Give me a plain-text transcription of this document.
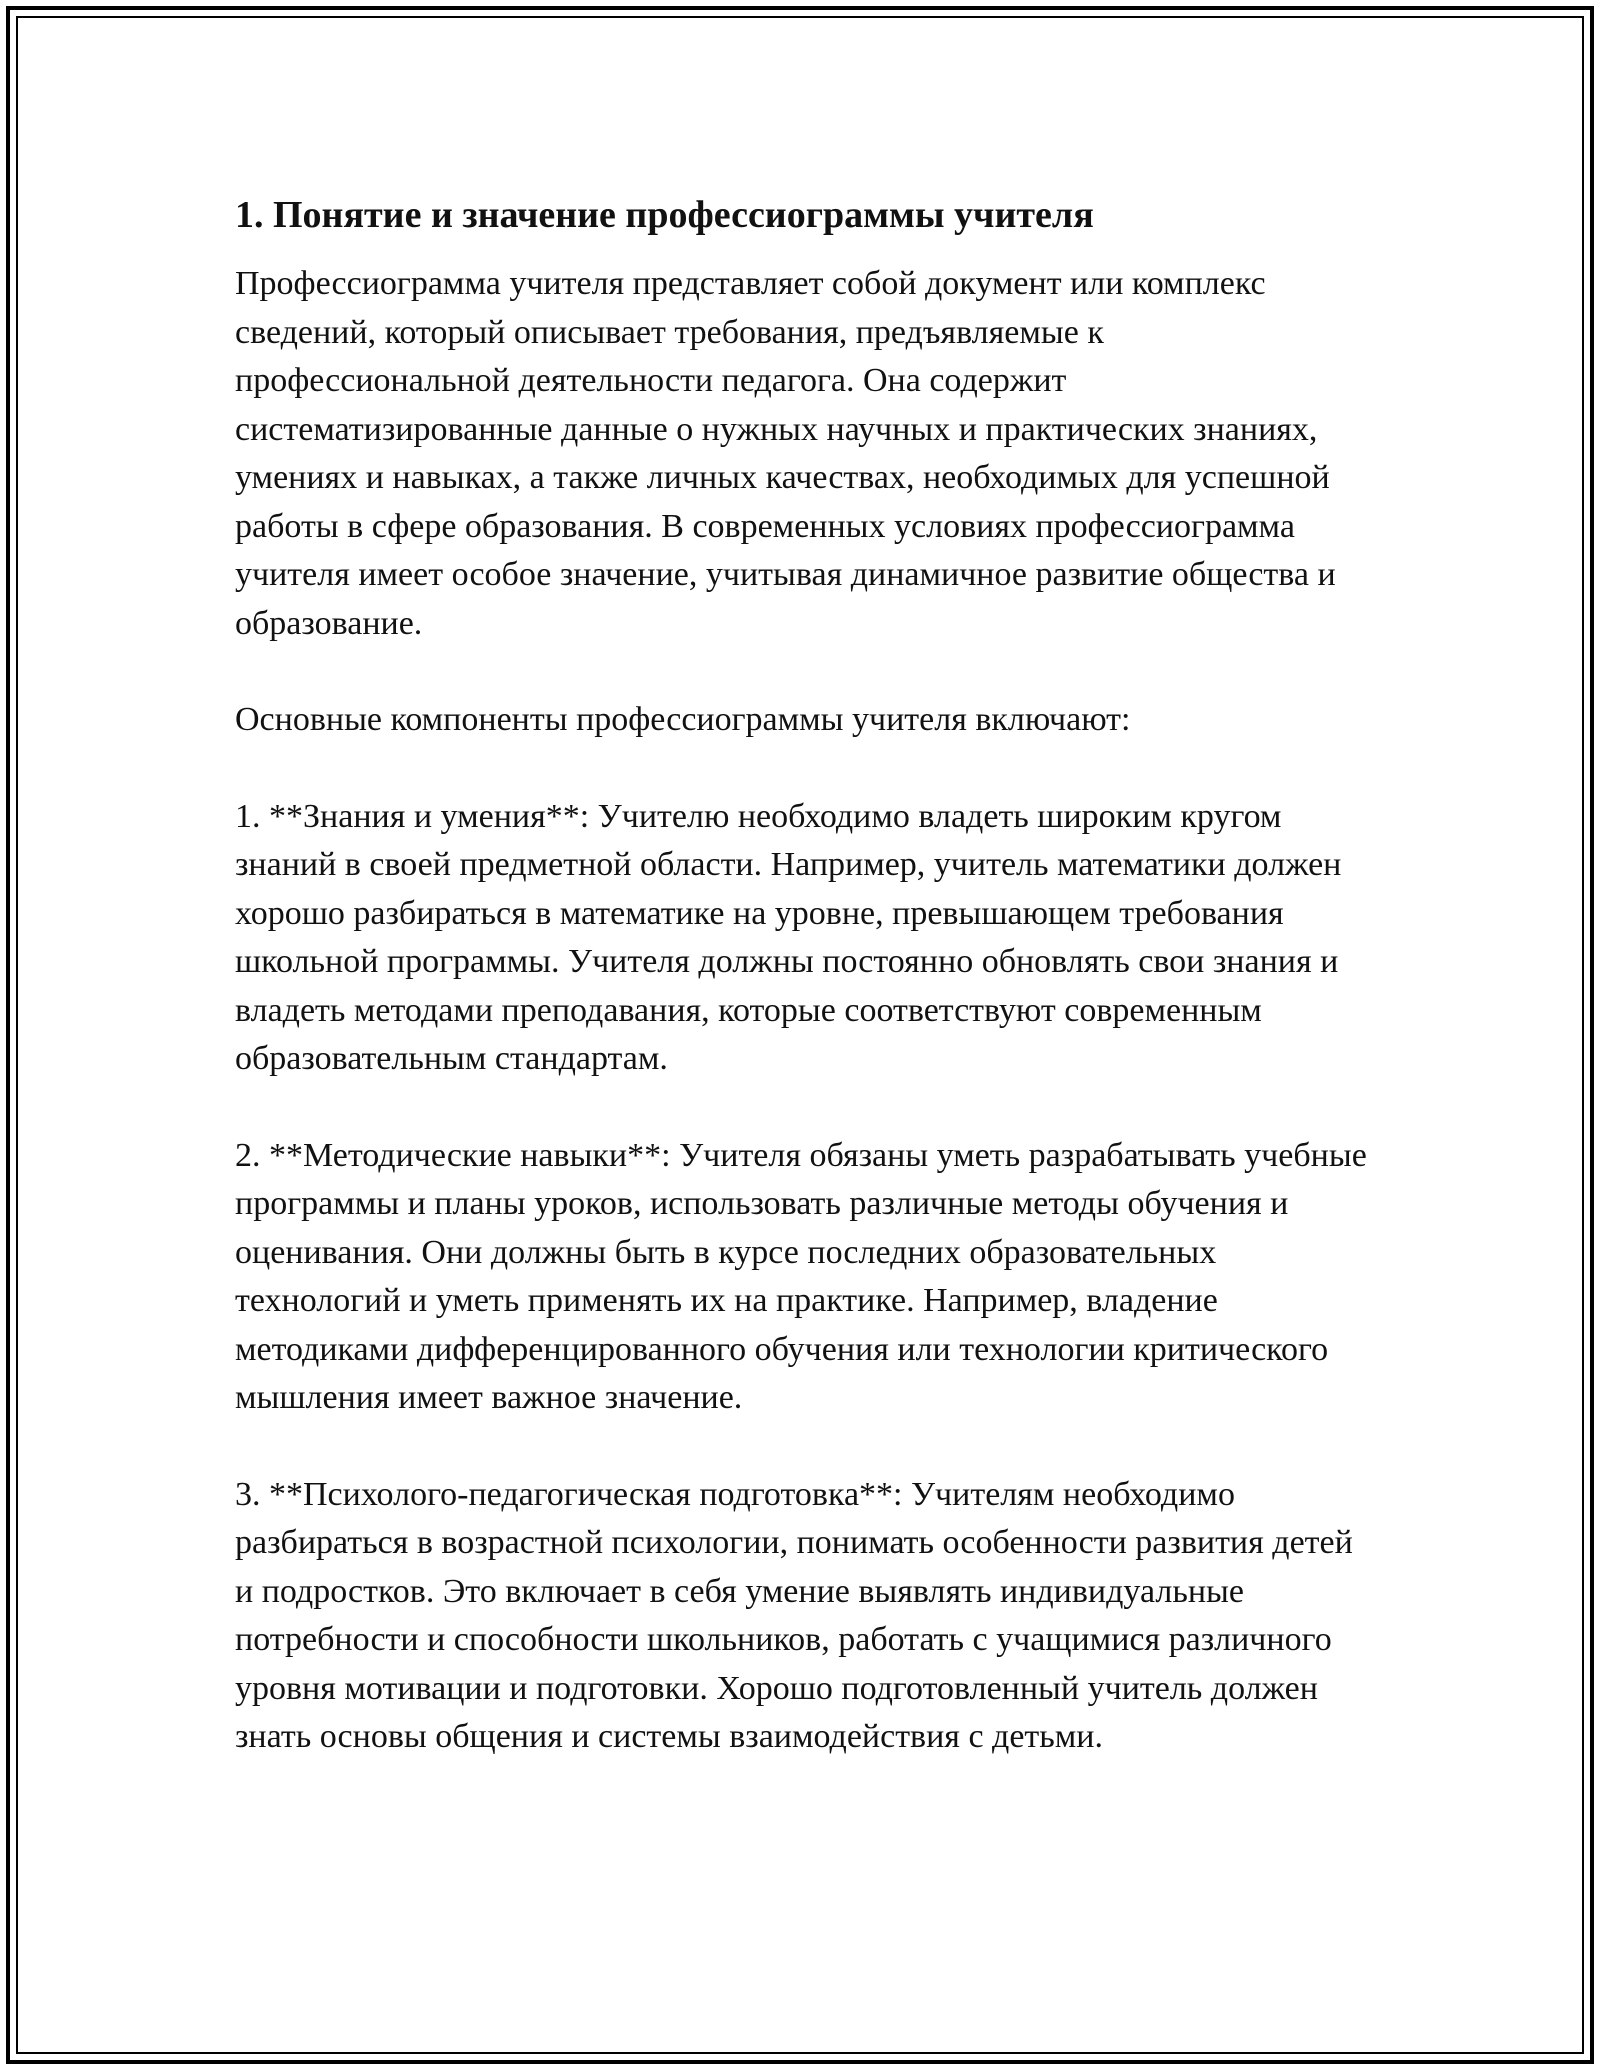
1. Понятие и значение профессиограммы учителя

Профессиограмма учителя представляет собой документ или комплекс сведений, который описывает требования, предъявляемые к профессиональной деятельности педагога. Она содержит систематизированные данные о нужных научных и практических знаниях, умениях и навыках, а также личных качествах, необходимых для успешной работы в сфере образования. В современных условиях профессиограмма учителя имеет особое значение, учитывая динамичное развитие общества и образование.

Основные компоненты профессиограммы учителя включают:

1. **Знания и умения**: Учителю необходимо владеть широким кругом знаний в своей предметной области. Например, учитель математики должен хорошо разбираться в математике на уровне, превышающем требования школьной программы. Учителя должны постоянно обновлять свои знания и владеть методами преподавания, которые соответствуют современным образовательным стандартам.

2. **Методические навыки**: Учителя обязаны уметь разрабатывать учебные программы и планы уроков, использовать различные методы обучения и оценивания. Они должны быть в курсе последних образовательных технологий и уметь применять их на практике. Например, владение методиками дифференцированного обучения или технологии критического мышления имеет важное значение.

3. **Психолого-педагогическая подготовка**: Учителям необходимо разбираться в возрастной психологии, понимать особенности развития детей и подростков. Это включает в себя умение выявлять индивидуальные потребности и способности школьников, работать с учащимися различного уровня мотивации и подготовки. Хорошо подготовленный учитель должен знать основы общения и системы взаимодействия с детьми.
